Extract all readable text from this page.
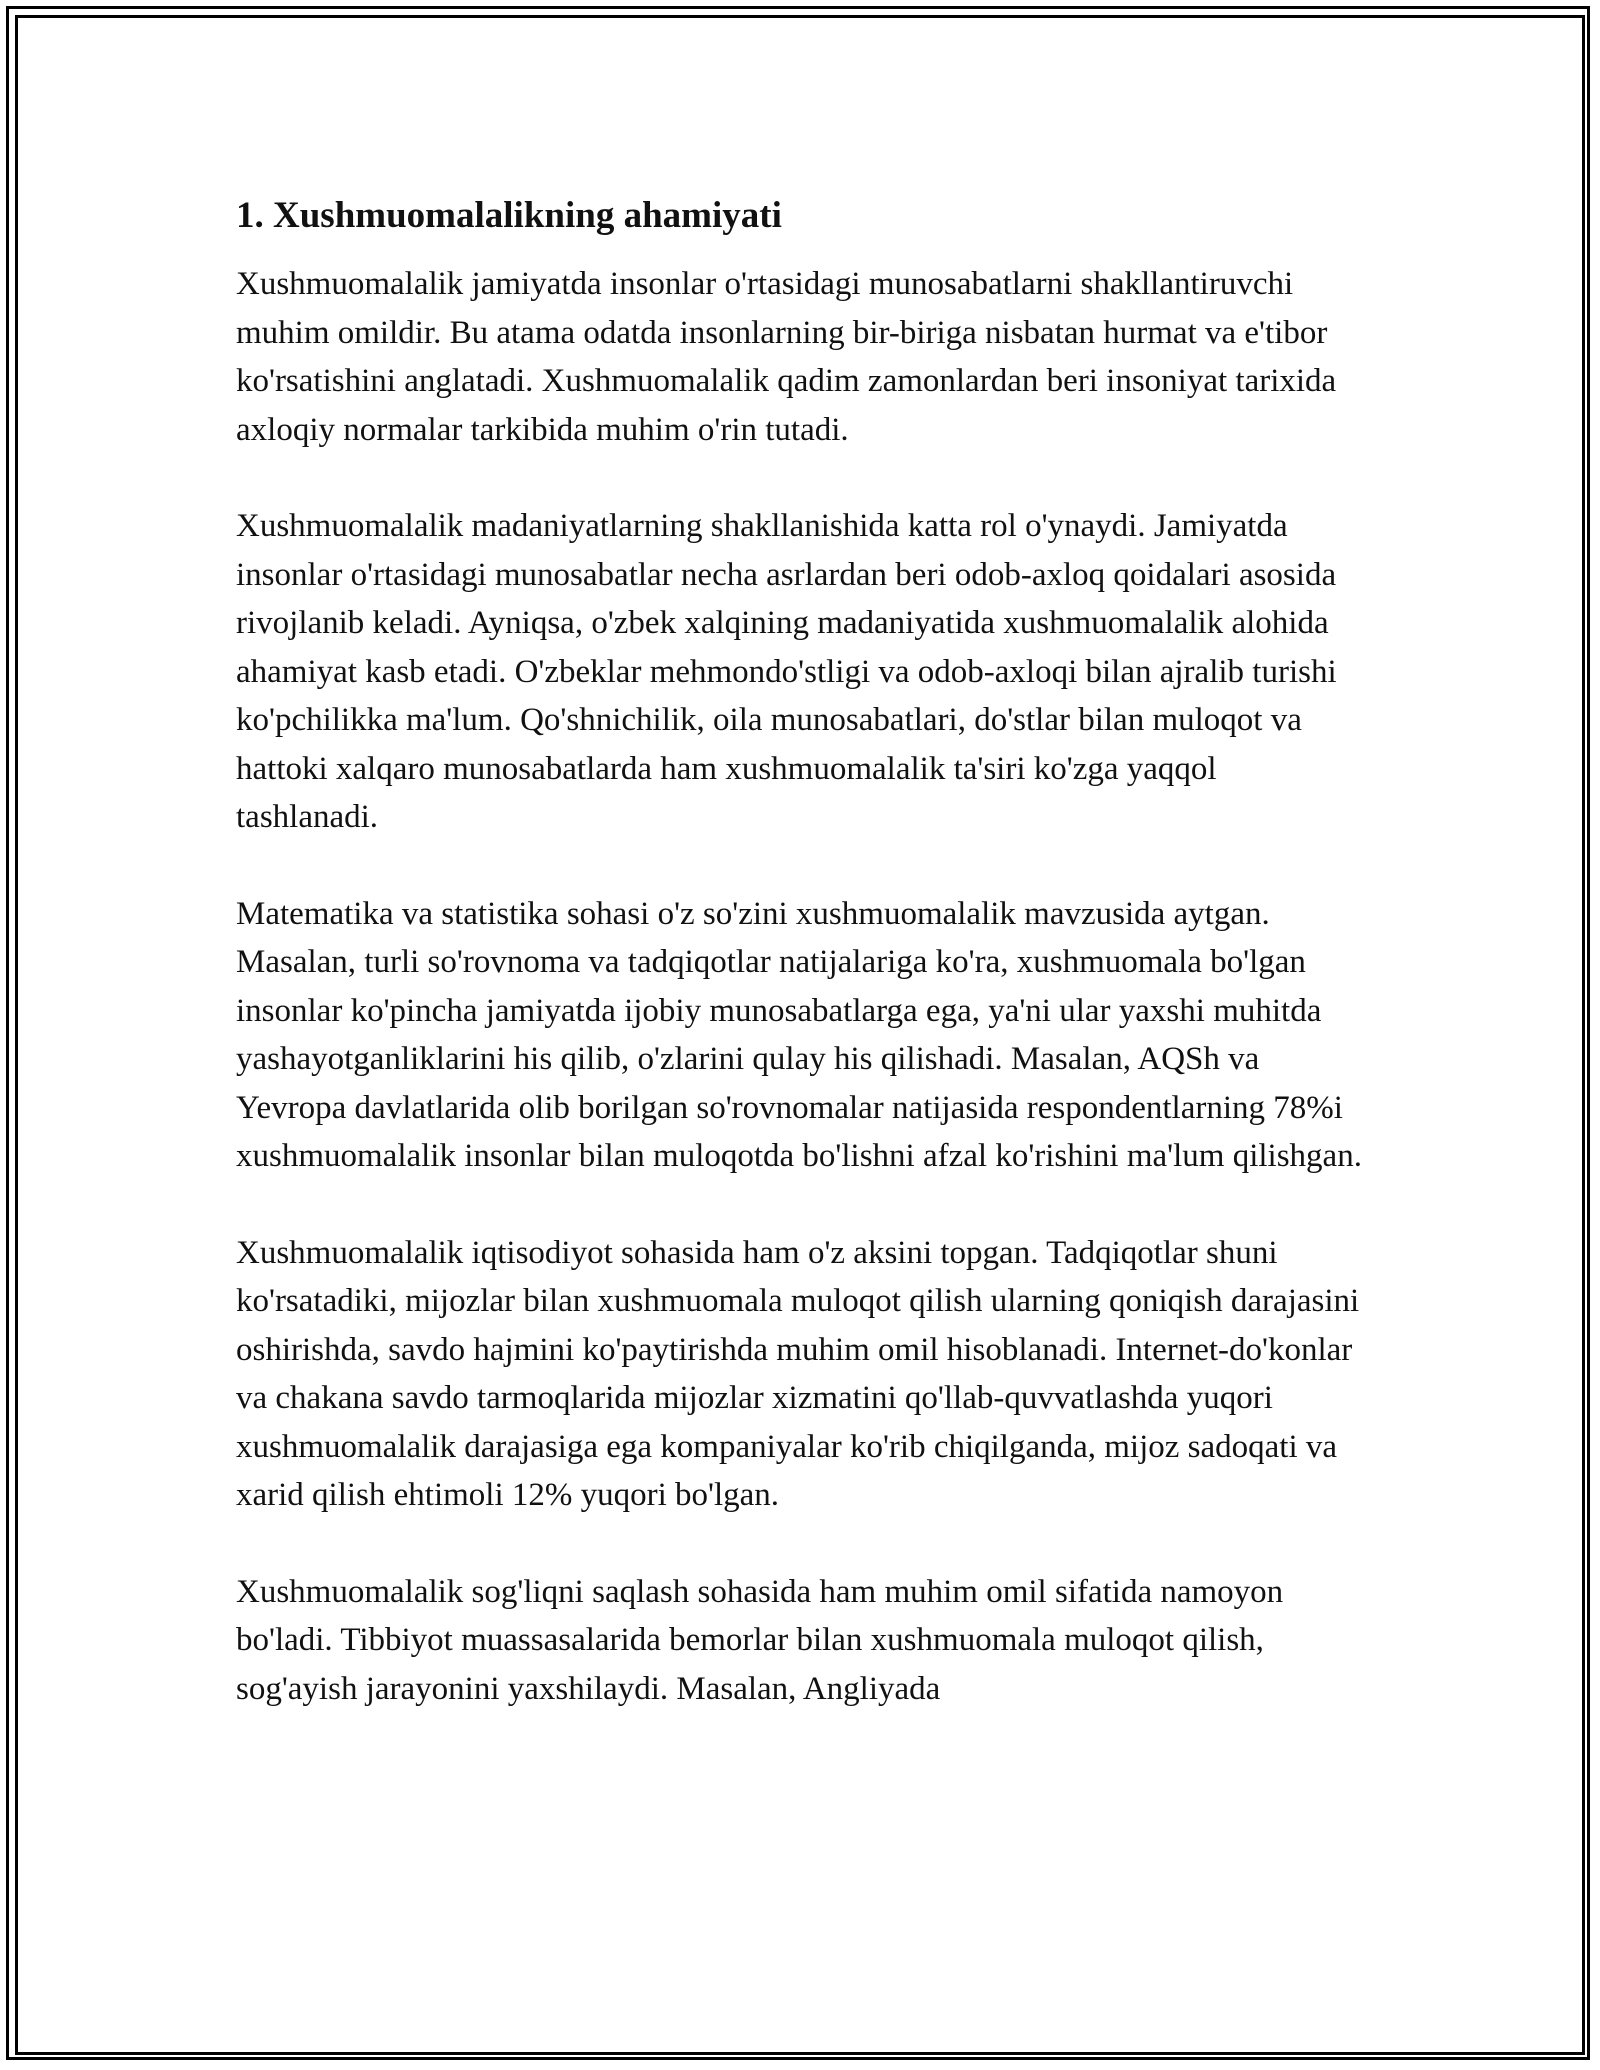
1. Xushmuomalalikning ahamiyati

Xushmuomalalik jamiyatda insonlar o'rtasidagi munosabatlarni shakllantiruvchi muhim omildir. Bu atama odatda insonlarning bir-biriga nisbatan hurmat va e'tibor ko'rsatishini anglatadi. Xushmuomalalik qadim zamonlardan beri insoniyat tarixida axloqiy normalar tarkibida muhim o'rin tutadi.

Xushmuomalalik madaniyatlarning shakllanishida katta rol o'ynaydi. Jamiyatda insonlar o'rtasidagi munosabatlar necha asrlardan beri odob-axloq qoidalari asosida rivojlanib keladi. Ayniqsa, o'zbek xalqining madaniyatida xushmuomalalik alohida ahamiyat kasb etadi. O'zbeklar mehmondo'stligi va odob-axloqi bilan ajralib turishi ko'pchilikka ma'lum. Qo'shnichilik, oila munosabatlari, do'stlar bilan muloqot va hattoki xalqaro munosabatlarda ham xushmuomalalik ta'siri ko'zga yaqqol tashlanadi.

Matematika va statistika sohasi o'z so'zini xushmuomalalik mavzusida aytgan. Masalan, turli so'rovnoma va tadqiqotlar natijalariga ko'ra, xushmuomala bo'lgan insonlar ko'pincha jamiyatda ijobiy munosabatlarga ega, ya'ni ular yaxshi muhitda yashayotganliklarini his qilib, o'zlarini qulay his qilishadi. Masalan, AQSh va Yevropa davlatlarida olib borilgan so'rovnomalar natijasida respondentlarning 78%i xushmuomalalik insonlar bilan muloqotda bo'lishni afzal ko'rishini ma'lum qilishgan.

Xushmuomalalik iqtisodiyot sohasida ham o'z aksini topgan. Tadqiqotlar shuni ko'rsatadiki, mijozlar bilan xushmuomala muloqot qilish ularning qoniqish darajasini oshirishda, savdo hajmini ko'paytirishda muhim omil hisoblanadi. Internet-do'konlar va chakana savdo tarmoqlarida mijozlar xizmatini qo'llab-quvvatlashda yuqori xushmuomalalik darajasiga ega kompaniyalar ko'rib chiqilganda, mijoz sadoqati va xarid qilish ehtimoli 12% yuqori bo'lgan.

Xushmuomalalik sog'liqni saqlash sohasida ham muhim omil sifatida namoyon bo'ladi. Tibbiyot muassasalarida bemorlar bilan xushmuomala muloqot qilish, sog'ayish jarayonini yaxshilaydi. Masalan, Angliyada
